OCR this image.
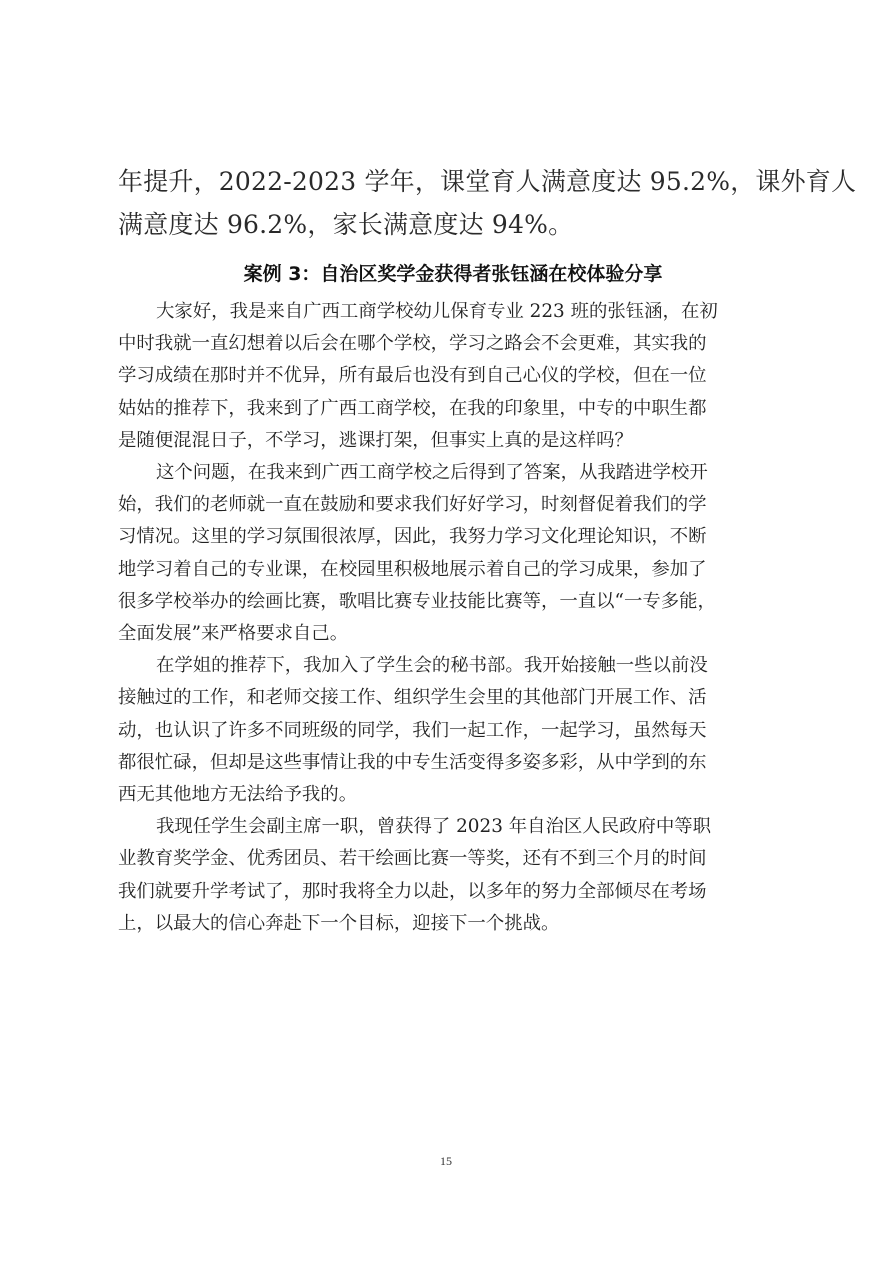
年提升，2022-2023 学年，课堂育人满意度达 95.2%，课外育人
满意度达 96.2%，家长满意度达 94%。
案例 3：自治区奖学金获得者张钰涵在校体验分享

大家好，我是来自广西工商学校幼儿保育专业 223 班的张钰涵，在初
中时我就一直幻想着以后会在哪个学校，学习之路会不会更难，其实我的
学习成绩在那时并不优异，所有最后也没有到自己心仪的学校，但在一位
姑姑的推荐下，我来到了广西工商学校，在我的印象里，中专的中职生都
是随便混混日子，不学习，逃课打架，但事实上真的是这样吗？

这个问题，在我来到广西工商学校之后得到了答案，从我踏进学校开
始，我们的老师就一直在鼓励和要求我们好好学习，时刻督促着我们的学
习情况。这里的学习氛围很浓厚，因此，我努力学习文化理论知识，不断
地学习着自己的专业课，在校园里积极地展示着自己的学习成果，参加了
很多学校举办的绘画比赛，歌唱比赛专业技能比赛等，一直以“一专多能，
全面发展”来严格要求自己。

在学姐的推荐下，我加入了学生会的秘书部。我开始接触一些以前没
接触过的工作，和老师交接工作、组织学生会里的其他部门开展工作、活
动，也认识了许多不同班级的同学，我们一起工作，一起学习，虽然每天
都很忙碌，但却是这些事情让我的中专生活变得多姿多彩，从中学到的东
西无其他地方无法给予我的。

我现任学生会副主席一职，曾获得了 2023 年自治区人民政府中等职
业教育奖学金、优秀团员、若干绘画比赛一等奖，还有不到三个月的时间
我们就要升学考试了，那时我将全力以赴，以多年的努力全部倾尽在考场
上，以最大的信心奔赴下一个目标，迎接下一个挑战。

15
